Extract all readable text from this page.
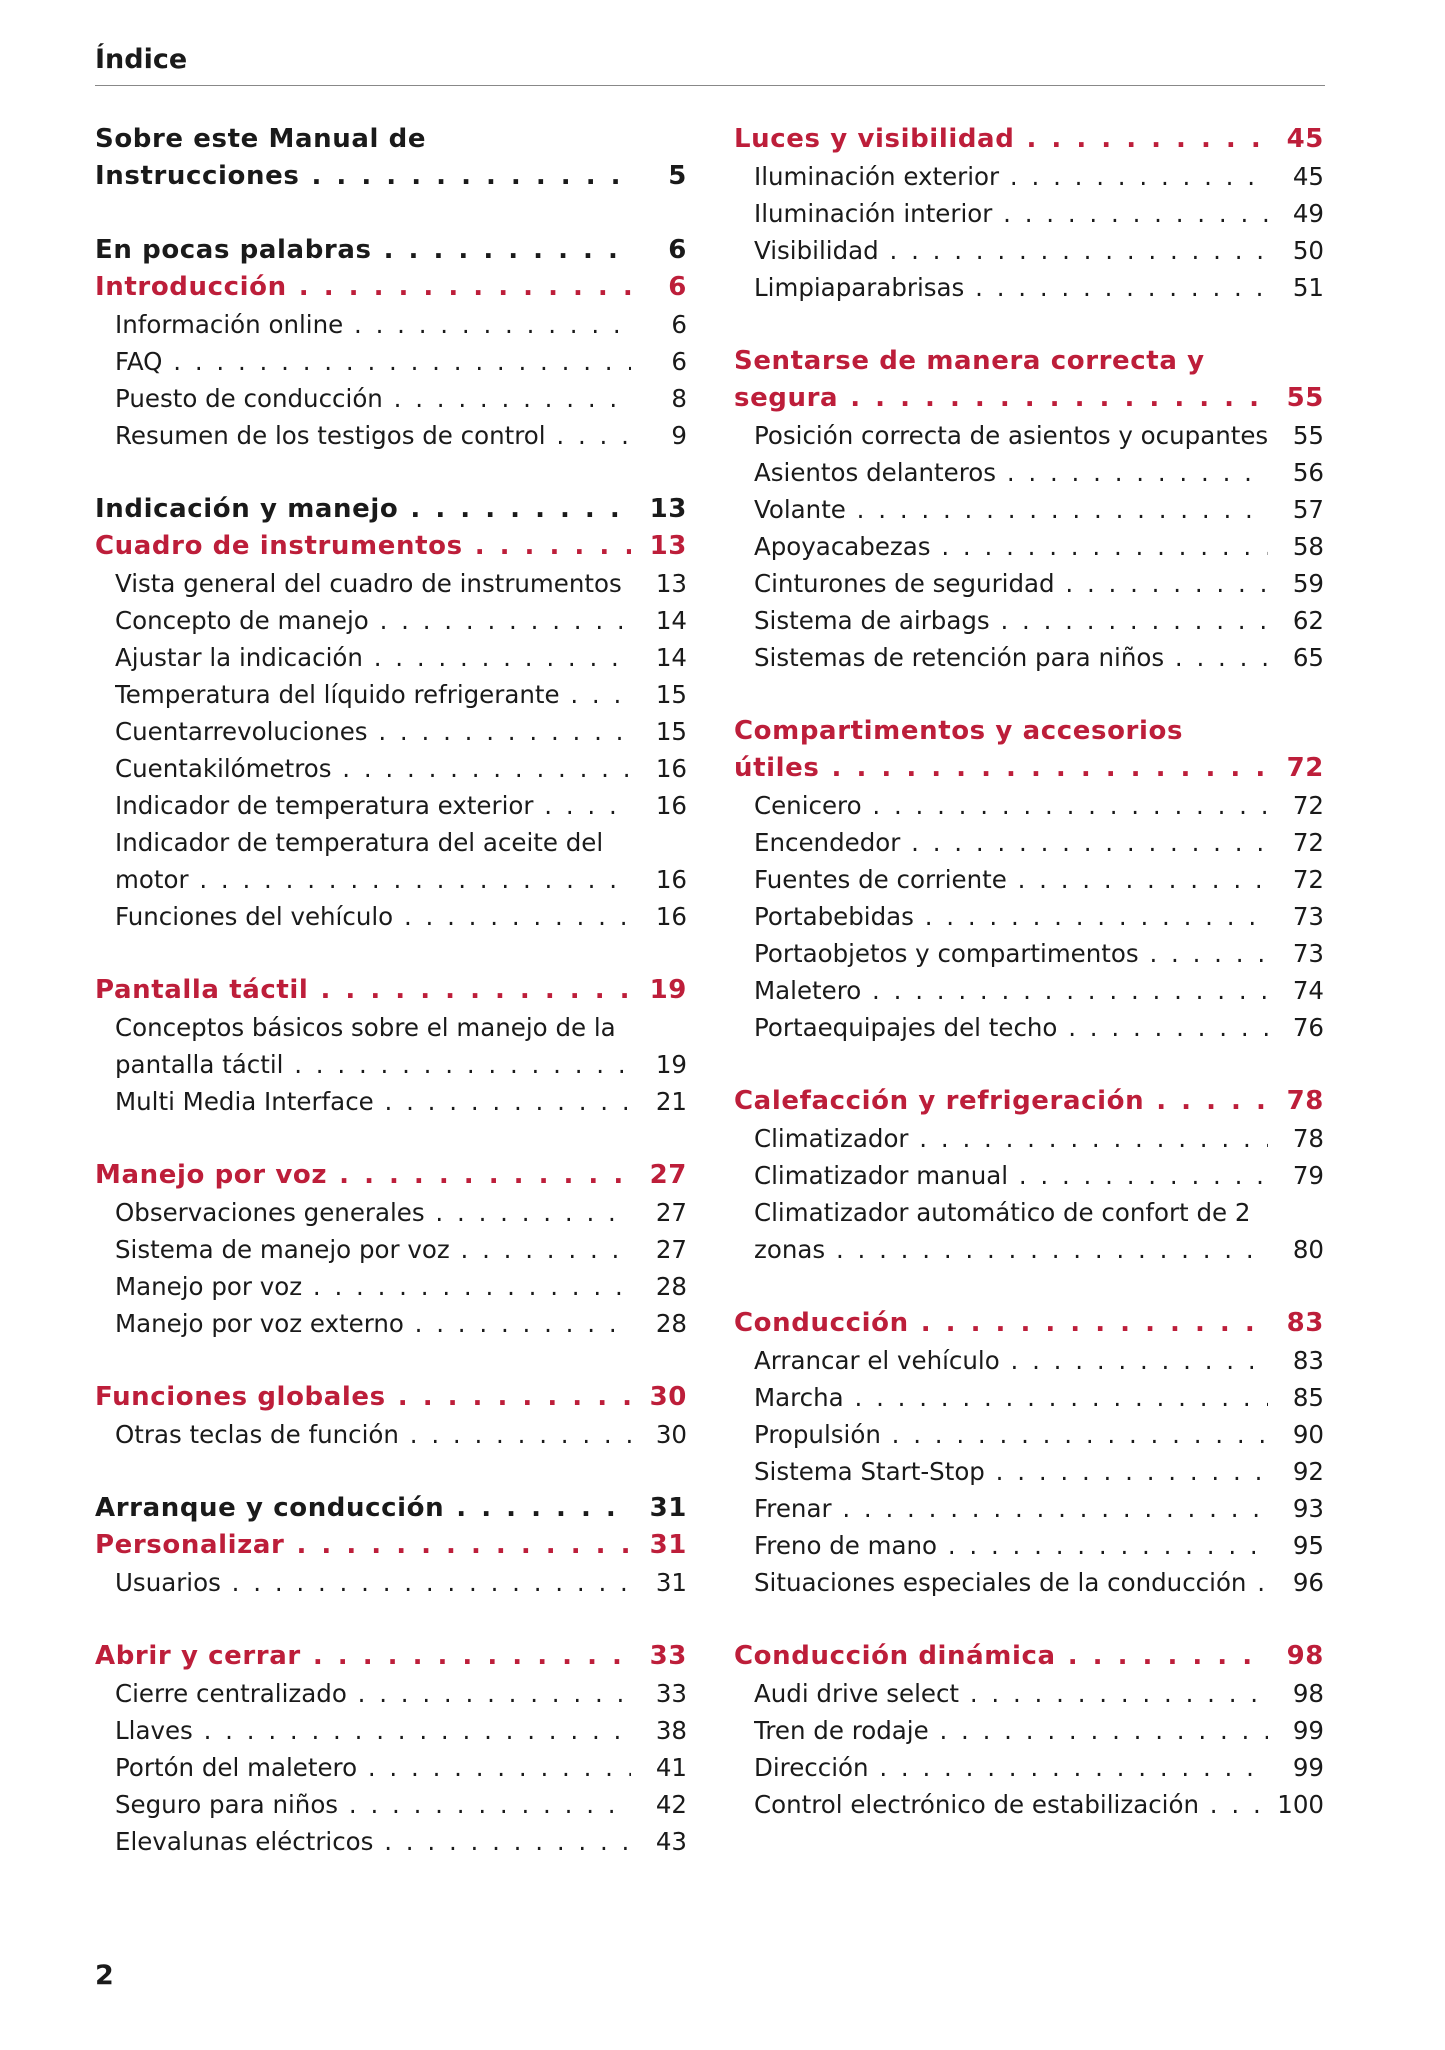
Índice
Sobre este Manual de
Instrucciones . . .	5
En pocas palabras . . .	6
Introducción . . .	6
Información online . . .	6
FAQ . . .	6
Puesto de conducción . . .	8
Resumen de los testigos de control . . .	9
Indicación y manejo . . .	13
Cuadro de instrumentos . . .	13
Vista general del cuadro de instrumentos . . .	13
Concepto de manejo . . .	14
Ajustar la indicación . . .	14
Temperatura del líquido refrigerante . . .	15
Cuentarrevoluciones . . .	15
Cuentakilómetros . . .	16
Indicador de temperatura exterior . . .	16
Indicador de temperatura del aceite del
motor . . .	16
Funciones del vehículo . . .	16
Pantalla táctil . . .	19
Conceptos básicos sobre el manejo de la
pantalla táctil . . .	19
Multi Media Interface . . .	21
Manejo por voz . . .	27
Observaciones generales . . .	27
Sistema de manejo por voz . . .	27
Manejo por voz . . .	28
Manejo por voz externo . . .	28
Funciones globales . . .	30
Otras teclas de función . . .	30
Arranque y conducción . . .	31
Personalizar . . .	31
Usuarios . . .	31
Abrir y cerrar . . .	33
Cierre centralizado . . .	33
Llaves . . .	38
Portón del maletero . . .	41
Seguro para niños . . .	42
Elevalunas eléctricos . . .	43
Luces y visibilidad . . .	45
Iluminación exterior . . .	45
Iluminación interior . . .	49
Visibilidad . . .	50
Limpiaparabrisas . . .	51
Sentarse de manera correcta y
segura . . .	55
Posición correcta de asientos y ocupantes . . .	55
Asientos delanteros . . .	56
Volante . . .	57
Apoyacabezas . . .	58
Cinturones de seguridad . . .	59
Sistema de airbags . . .	62
Sistemas de retención para niños . . .	65
Compartimentos y accesorios
útiles . . .	72
Cenicero . . .	72
Encendedor . . .	72
Fuentes de corriente . . .	72
Portabebidas . . .	73
Portaobjetos y compartimentos . . .	73
Maletero . . .	74
Portaequipajes del techo . . .	76
Calefacción y refrigeración . . .	78
Climatizador . . .	78
Climatizador manual . . .	79
Climatizador automático de confort de 2
zonas . . .	80
Conducción . . .	83
Arrancar el vehículo . . .	83
Marcha . . .	85
Propulsión . . .	90
Sistema Start-Stop . . .	92
Frenar . . .	93
Freno de mano . . .	95
Situaciones especiales de la conducción . . .	96
Conducción dinámica . . .	98
Audi drive select . . .	98
Tren de rodaje . . .	99
Dirección . . .	99
Control electrónico de estabilización . . .	100
2
